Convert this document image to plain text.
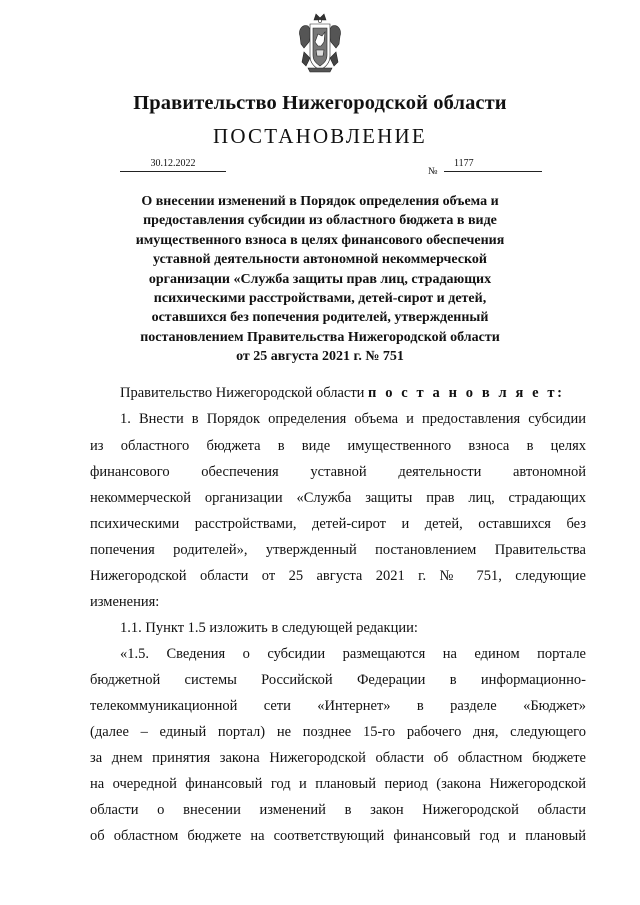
Правительство Нижегородской области
ПОСТАНОВЛЕНИЕ
30.12.2022
№
1177
О внесении изменений в Порядок определения объема и
предоставления субсидии из областного бюджета в виде
имущественного взноса в целях финансового обеспечения
уставной деятельности автономной некоммерческой
организации «Служба защиты прав лиц, страдающих
психическими расстройствами, детей-сирот и детей,
оставшихся без попечения родителей, утвержденный
постановлением Правительства Нижегородской области
от 25 августа 2021 г. № 751
Правительство Нижегородской области п о с т а н о в л я е т:
1. Внести в Порядок определения объема и предоставления субсидии
из областного бюджета в виде имущественного взноса в целях
финансового обеспечения уставной деятельности автономной
некоммерческой организации «Служба защиты прав лиц, страдающих
психическими расстройствами, детей-сирот и детей, оставшихся без
попечения родителей», утвержденный постановлением Правительства
Нижегородской области от 25 августа 2021 г. № 751, следующие
изменения:
1.1. Пункт 1.5 изложить в следующей редакции:
«1.5. Сведения о субсидии размещаются на едином портале
бюджетной системы Российской Федерации в информационно-
телекоммуникационной сети «Интернет» в разделе «Бюджет»
(далее – единый портал) не позднее 15-го рабочего дня, следующего
за днем принятия закона Нижегородской области об областном бюджете
на очередной финансовый год и плановый период (закона Нижегородской
области о внесении изменений в закон Нижегородской области
об областном бюджете на соответствующий финансовый год и плановый
